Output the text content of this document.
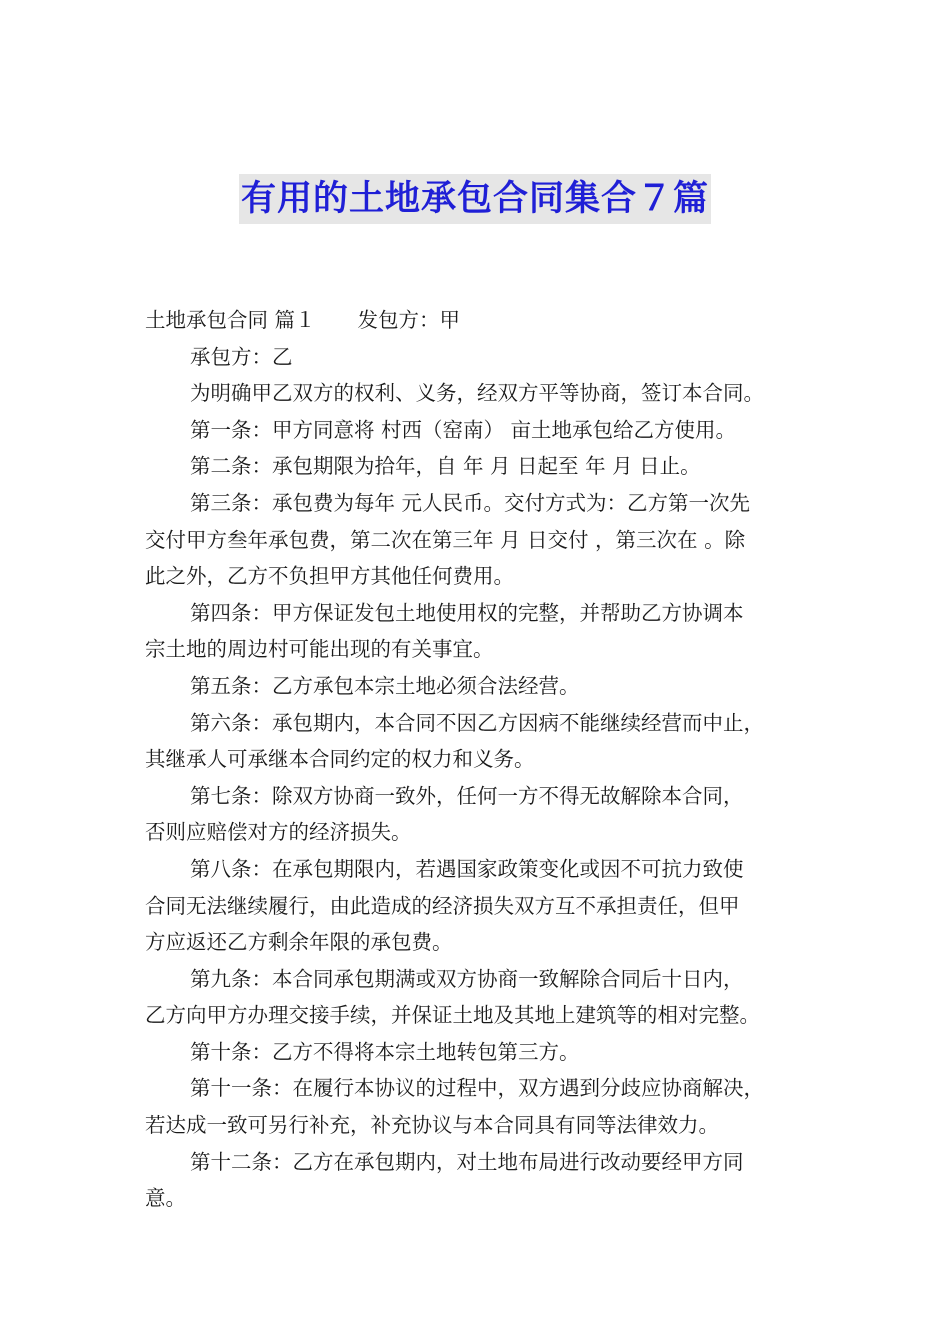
有用的土地承包合同集合７篇
土地承包合同 篇１ 发包方：甲
承包方：乙
为明确甲乙双方的权利、义务，经双方平等协商，签订本合同。
第一条：甲方同意将 村西（窑南） 亩土地承包给乙方使用。
第二条：承包期限为拾年，自 年 月 日起至 年 月 日止。
第三条：承包费为每年 元人民币。交付方式为：乙方第一次先
交付甲方叁年承包费，第二次在第三年 月 日交付 ，第三次在 。除
此之外，乙方不负担甲方其他任何费用。
第四条：甲方保证发包土地使用权的完整，并帮助乙方协调本
宗土地的周边村可能出现的有关事宜。
第五条：乙方承包本宗土地必须合法经营。
第六条：承包期内，本合同不因乙方因病不能继续经营而中止，
其继承人可承继本合同约定的权力和义务。
第七条：除双方协商一致外，任何一方不得无故解除本合同，
否则应赔偿对方的经济损失。
第八条：在承包期限内，若遇国家政策变化或因不可抗力致使
合同无法继续履行，由此造成的经济损失双方互不承担责任，但甲
方应返还乙方剩余年限的承包费。
第九条：本合同承包期满或双方协商一致解除合同后十日内，
乙方向甲方办理交接手续，并保证土地及其地上建筑等的相对完整。
第十条：乙方不得将本宗土地转包第三方。
第十一条：在履行本协议的过程中，双方遇到分歧应协商解决，
若达成一致可另行补充，补充协议与本合同具有同等法律效力。
第十二条：乙方在承包期内，对土地布局进行改动要经甲方同
意。
